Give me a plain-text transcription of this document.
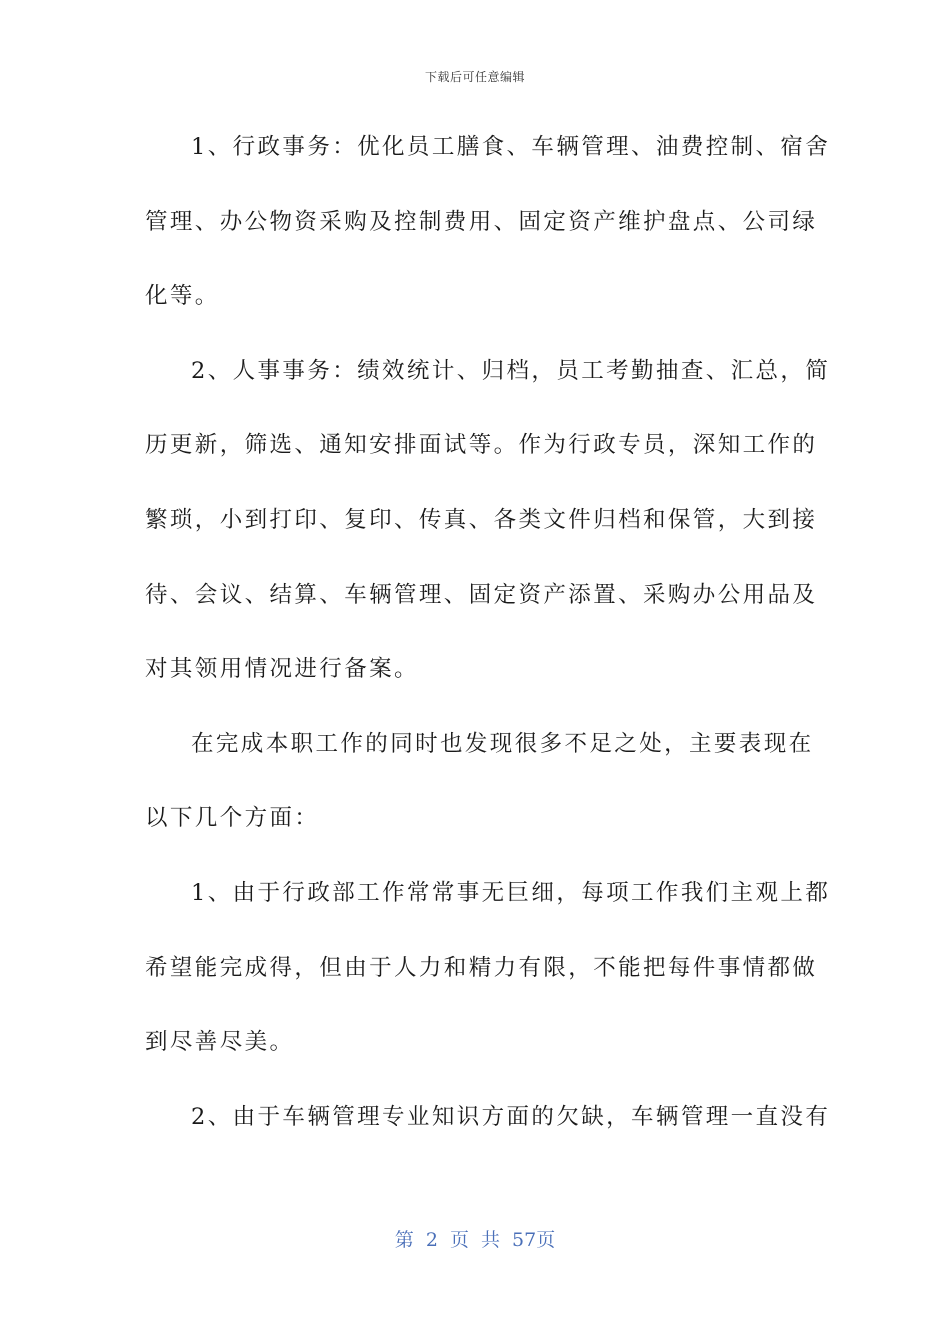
下载后可任意编辑
1、行政事务：优化员工膳食、车辆管理、油费控制、宿舍
管理、办公物资采购及控制费用、固定资产维护盘点、公司绿
化等。
2、人事事务：绩效统计、归档，员工考勤抽查、汇总，简
历更新，筛选、通知安排面试等。作为行政专员，深知工作的
繁琐，小到打印、复印、传真、各类文件归档和保管，大到接
待、会议、结算、车辆管理、固定资产添置、采购办公用品及
对其领用情况进行备案。
在完成本职工作的同时也发现很多不足之处，主要表现在
以下几个方面：
1、由于行政部工作常常事无巨细，每项工作我们主观上都
希望能完成得，但由于人力和精力有限，不能把每件事情都做
到尽善尽美。
2、由于车辆管理专业知识方面的欠缺，车辆管理一直没有
第 2 页 共 57页
